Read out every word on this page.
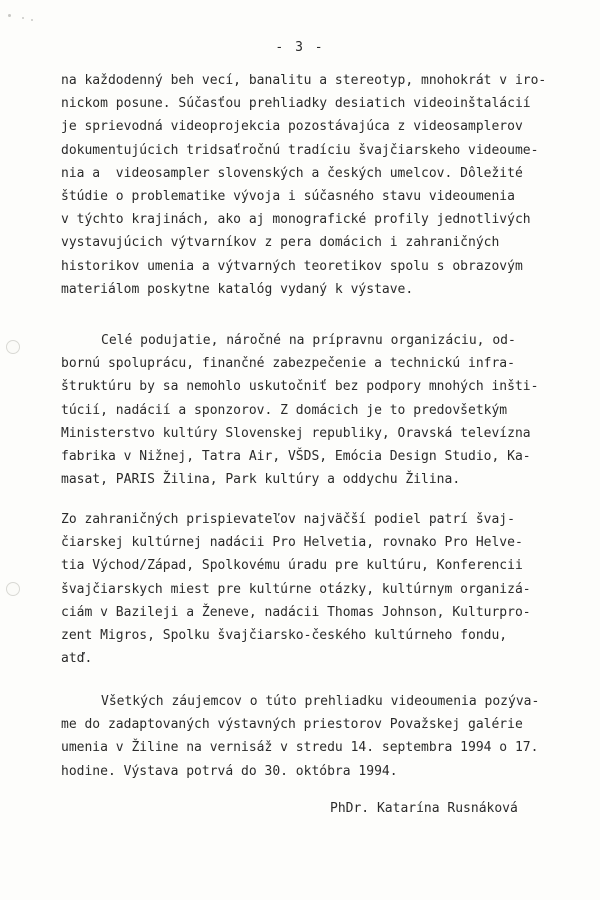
- 3 -
na každodenný beh vecí, banalitu a stereotyp, mnohokrát v iro-
nickom posune. Súčasťou prehliadky desiatich videoinštalácií
je sprievodná videoprojekcia pozostávajúca z videosamplerov
dokumentujúcich tridsaťročnú tradíciu švajčiarskeho videoume-
nia a  videosampler slovenských a českých umelcov. Dôležité
štúdie o problematike vývoja i súčasného stavu videoumenia
v týchto krajinách, ako aj monografické profily jednotlivých
vystavujúcich výtvarníkov z pera domácich i zahraničných
historikov umenia a výtvarných teoretikov spolu s obrazovým
materiálom poskytne katalóg vydaný k výstave.
Celé podujatie, náročné na prípravnu organizáciu, od-
bornú spoluprácu, finančné zabezpečenie a technickú infra-
štruktúru by sa nemohlo uskutočniť bez podpory mnohých inšti-
túcií, nadácií a sponzorov. Z domácich je to predovšetkým
Ministerstvo kultúry Slovenskej republiky, Oravská televízna
fabrika v Nižnej, Tatra Air, VŠDS, Emócia Design Studio, Ka-
masat, PARIS Žilina, Park kultúry a oddychu Žilina.
Zo zahraničných prispievateľov najväčší podiel patrí švaj-
čiarskej kultúrnej nadácii Pro Helvetia, rovnako Pro Helve-
tia Východ/Západ, Spolkovému úradu pre kultúru, Konferencii
švajčiarskych miest pre kultúrne otázky, kultúrnym organizá-
ciám v Bazileji a Ženeve, nadácii Thomas Johnson, Kulturpro-
zent Migros, Spolku švajčiarsko-českého kultúrneho fondu,
atď.
Všetkých záujemcov o túto prehliadku videoumenia pozýva-
me do zadaptovaných výstavných priestorov Považskej galérie
umenia v Žiline na vernisáž v stredu 14. septembra 1994 o 17.
hodine. Výstava potrvá do 30. októbra 1994.
PhDr. Katarína Rusnáková
